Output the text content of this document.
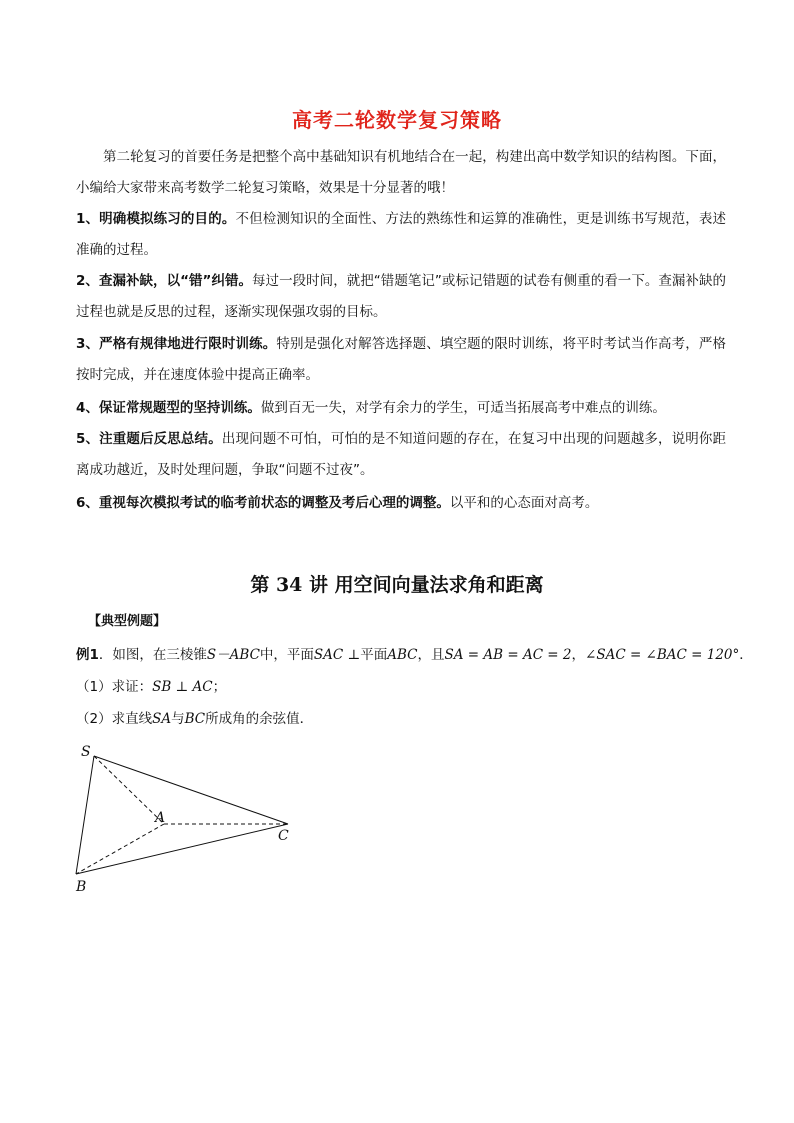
高考二轮数学复习策略

第二轮复习的首要任务是把整个高中基础知识有机地结合在一起，构建出高中数学知识的结构图。下面，小编给大家带来高考数学二轮复习策略，效果是十分显著的哦！

1、明确模拟练习的目的。不但检测知识的全面性、方法的熟练性和运算的准确性，更是训练书写规范，表述准确的过程。

2、查漏补缺，以“错”纠错。每过一段时间，就把“错题笔记”或标记错题的试卷有侧重的看一下。查漏补缺的过程也就是反思的过程，逐渐实现保强攻弱的目标。

3、严格有规律地进行限时训练。特别是强化对解答选择题、填空题的限时训练，将平时考试当作高考，严格按时完成，并在速度体验中提高正确率。

4、保证常规题型的坚持训练。做到百无一失，对学有余力的学生，可适当拓展高考中难点的训练。

5、注重题后反思总结。出现问题不可怕，可怕的是不知道问题的存在，在复习中出现的问题越多，说明你距离成功越近，及时处理问题，争取“问题不过夜”。

6、重视每次模拟考试的临考前状态的调整及考后心理的调整。以平和的心态面对高考。

第 34 讲 用空间向量法求角和距离
【典型例题】
例1．如图，在三棱锥S－ABC中，平面SAC ⊥平面ABC，且SA = AB = AC = 2，∠SAC = ∠BAC = 120°．
（1）求证：SB ⊥ AC；
（2）求直线SA与BC所成角的余弦值．
S
A
B
C
